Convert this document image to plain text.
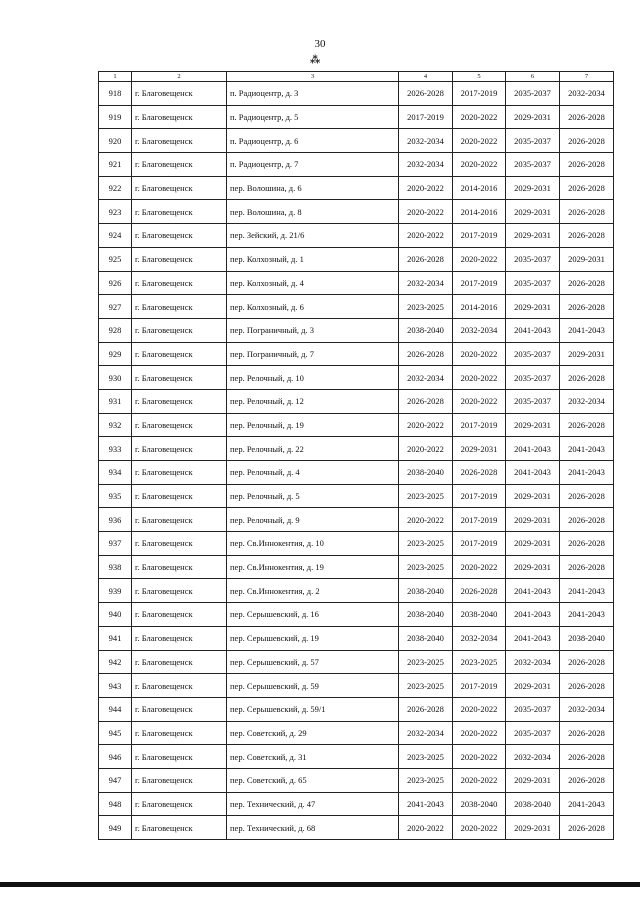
30
⁂
1	2	3	4	5	6	7
918	г. Благовещенск	п. Радиоцентр, д. 3	2026-2028	2017-2019	2035-2037	2032-2034
919	г. Благовещенск	п. Радиоцентр, д. 5	2017-2019	2020-2022	2029-2031	2026-2028
920	г. Благовещенск	п. Радиоцентр, д. 6	2032-2034	2020-2022	2035-2037	2026-2028
921	г. Благовещенск	п. Радиоцентр, д. 7	2032-2034	2020-2022	2035-2037	2026-2028
922	г. Благовещенск	пер. Волошина, д. 6	2020-2022	2014-2016	2029-2031	2026-2028
923	г. Благовещенск	пер. Волошина, д. 8	2020-2022	2014-2016	2029-2031	2026-2028
924	г. Благовещенск	пер. Зейский, д. 21/6	2020-2022	2017-2019	2029-2031	2026-2028
925	г. Благовещенск	пер. Колхозный, д. 1	2026-2028	2020-2022	2035-2037	2029-2031
926	г. Благовещенск	пер. Колхозный, д. 4	2032-2034	2017-2019	2035-2037	2026-2028
927	г. Благовещенск	пер. Колхозный, д. 6	2023-2025	2014-2016	2029-2031	2026-2028
928	г. Благовещенск	пер. Пограничный, д. 3	2038-2040	2032-2034	2041-2043	2041-2043
929	г. Благовещенск	пер. Пограничный, д. 7	2026-2028	2020-2022	2035-2037	2029-2031
930	г. Благовещенск	пер. Релочный, д. 10	2032-2034	2020-2022	2035-2037	2026-2028
931	г. Благовещенск	пер. Релочный, д. 12	2026-2028	2020-2022	2035-2037	2032-2034
932	г. Благовещенск	пер. Релочный, д. 19	2020-2022	2017-2019	2029-2031	2026-2028
933	г. Благовещенск	пер. Релочный, д. 22	2020-2022	2029-2031	2041-2043	2041-2043
934	г. Благовещенск	пер. Релочный, д. 4	2038-2040	2026-2028	2041-2043	2041-2043
935	г. Благовещенск	пер. Релочный, д. 5	2023-2025	2017-2019	2029-2031	2026-2028
936	г. Благовещенск	пер. Релочный, д. 9	2020-2022	2017-2019	2029-2031	2026-2028
937	г. Благовещенск	пер. Св.Иннокентия, д. 10	2023-2025	2017-2019	2029-2031	2026-2028
938	г. Благовещенск	пер. Св.Иннокентия, д. 19	2023-2025	2020-2022	2029-2031	2026-2028
939	г. Благовещенск	пер. Св.Иннокентия, д. 2	2038-2040	2026-2028	2041-2043	2041-2043
940	г. Благовещенск	пер. Серышевский, д. 16	2038-2040	2038-2040	2041-2043	2041-2043
941	г. Благовещенск	пер. Серышевский, д. 19	2038-2040	2032-2034	2041-2043	2038-2040
942	г. Благовещенск	пер. Серышевский, д. 57	2023-2025	2023-2025	2032-2034	2026-2028
943	г. Благовещенск	пер. Серышевский, д. 59	2023-2025	2017-2019	2029-2031	2026-2028
944	г. Благовещенск	пер. Серышевский, д. 59/1	2026-2028	2020-2022	2035-2037	2032-2034
945	г. Благовещенск	пер. Советский, д. 29	2032-2034	2020-2022	2035-2037	2026-2028
946	г. Благовещенск	пер. Советский, д. 31	2023-2025	2020-2022	2032-2034	2026-2028
947	г. Благовещенск	пер. Советский, д. 65	2023-2025	2020-2022	2029-2031	2026-2028
948	г. Благовещенск	пер. Технический, д. 47	2041-2043	2038-2040	2038-2040	2041-2043
949	г. Благовещенск	пер. Технический, д. 68	2020-2022	2020-2022	2029-2031	2026-2028
